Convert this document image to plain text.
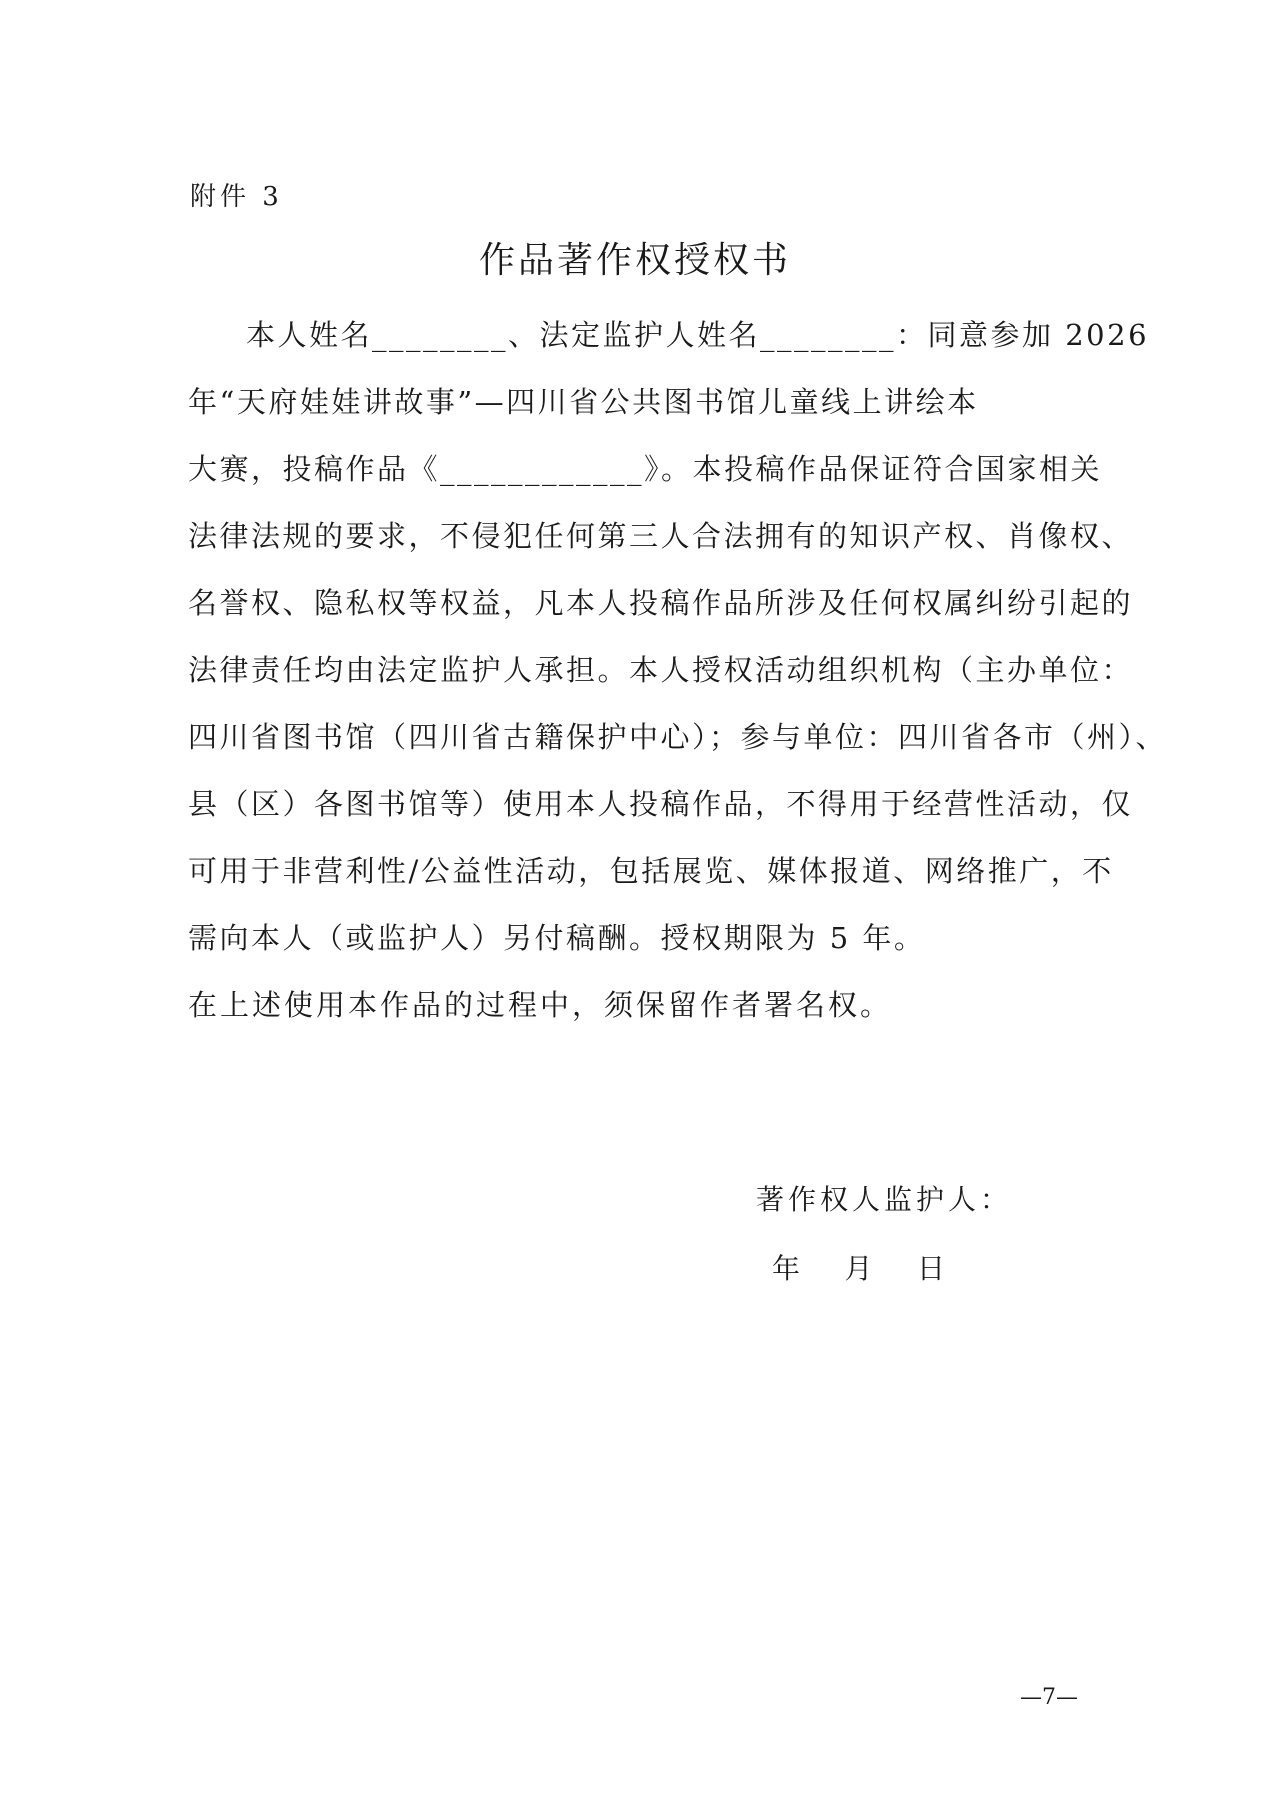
附件 3
作品著作权授权书
本人姓名________、法定监护人姓名________：同意参加 2026
年“天府娃娃讲故事”—四川省公共图书馆儿童线上讲绘本
大赛，投稿作品《____________》。本投稿作品保证符合国家相关
法律法规的要求，不侵犯任何第三人合法拥有的知识产权、肖像权、
名誉权、隐私权等权益，凡本人投稿作品所涉及任何权属纠纷引起的
法律责任均由法定监护人承担。本人授权活动组织机构（主办单位：
四川省图书馆（四川省古籍保护中心）；参与单位：四川省各市（州）、
县（区）各图书馆等）使用本人投稿作品，不得用于经营性活动，仅
可用于非营利性/公益性活动，包括展览、媒体报道、网络推广，不
需向本人（或监护人）另付稿酬。授权期限为 5 年。
在上述使用本作品的过程中，须保留作者署名权。
著作权人监护人：
年     月     日
—7—
